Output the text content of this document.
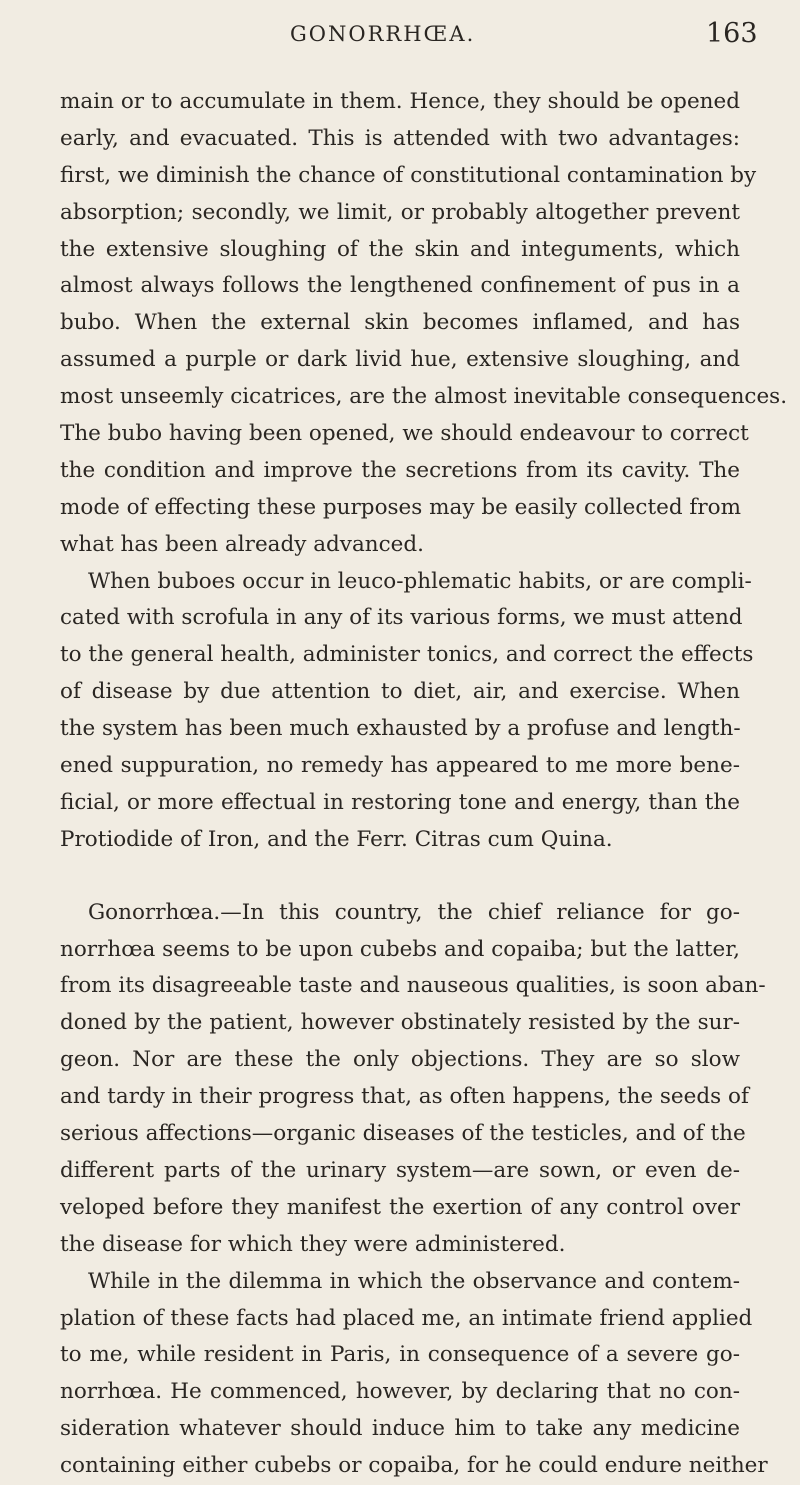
GONORRHŒA.	163
main or to accumulate in them. Hence, they should be opened
early, and evacuated. This is attended with two advantages:
first, we diminish the chance of constitutional contamination by
absorption; secondly, we limit, or probably altogether prevent
the extensive sloughing of the skin and integuments, which
almost always follows the lengthened confinement of pus in a
bubo. When the external skin becomes inflamed, and has
assumed a purple or dark livid hue, extensive sloughing, and
most unseemly cicatrices, are the almost inevitable consequences.
The bubo having been opened, we should endeavour to correct
the condition and improve the secretions from its cavity. The
mode of effecting these purposes may be easily collected from
what has been already advanced.
When buboes occur in leuco-phlematic habits, or are compli-
cated with scrofula in any of its various forms, we must attend
to the general health, administer tonics, and correct the effects
of disease by due attention to diet, air, and exercise. When
the system has been much exhausted by a profuse and length-
ened suppuration, no remedy has appeared to me more bene-
ficial, or more effectual in restoring tone and energy, than the
Protiodide of Iron, and the Ferr. Citras cum Quina.
Gonorrhœa.—In this country, the chief reliance for go-
norrhœa seems to be upon cubebs and copaiba; but the latter,
from its disagreeable taste and nauseous qualities, is soon aban-
doned by the patient, however obstinately resisted by the sur-
geon. Nor are these the only objections. They are so slow
and tardy in their progress that, as often happens, the seeds of
serious affections—organic diseases of the testicles, and of the
different parts of the urinary system—are sown, or even de-
veloped before they manifest the exertion of any control over
the disease for which they were administered.
While in the dilemma in which the observance and contem-
plation of these facts had placed me, an intimate friend applied
to me, while resident in Paris, in consequence of a severe go-
norrhœa. He commenced, however, by declaring that no con-
sideration whatever should induce him to take any medicine
containing either cubebs or copaiba, for he could endure neither
